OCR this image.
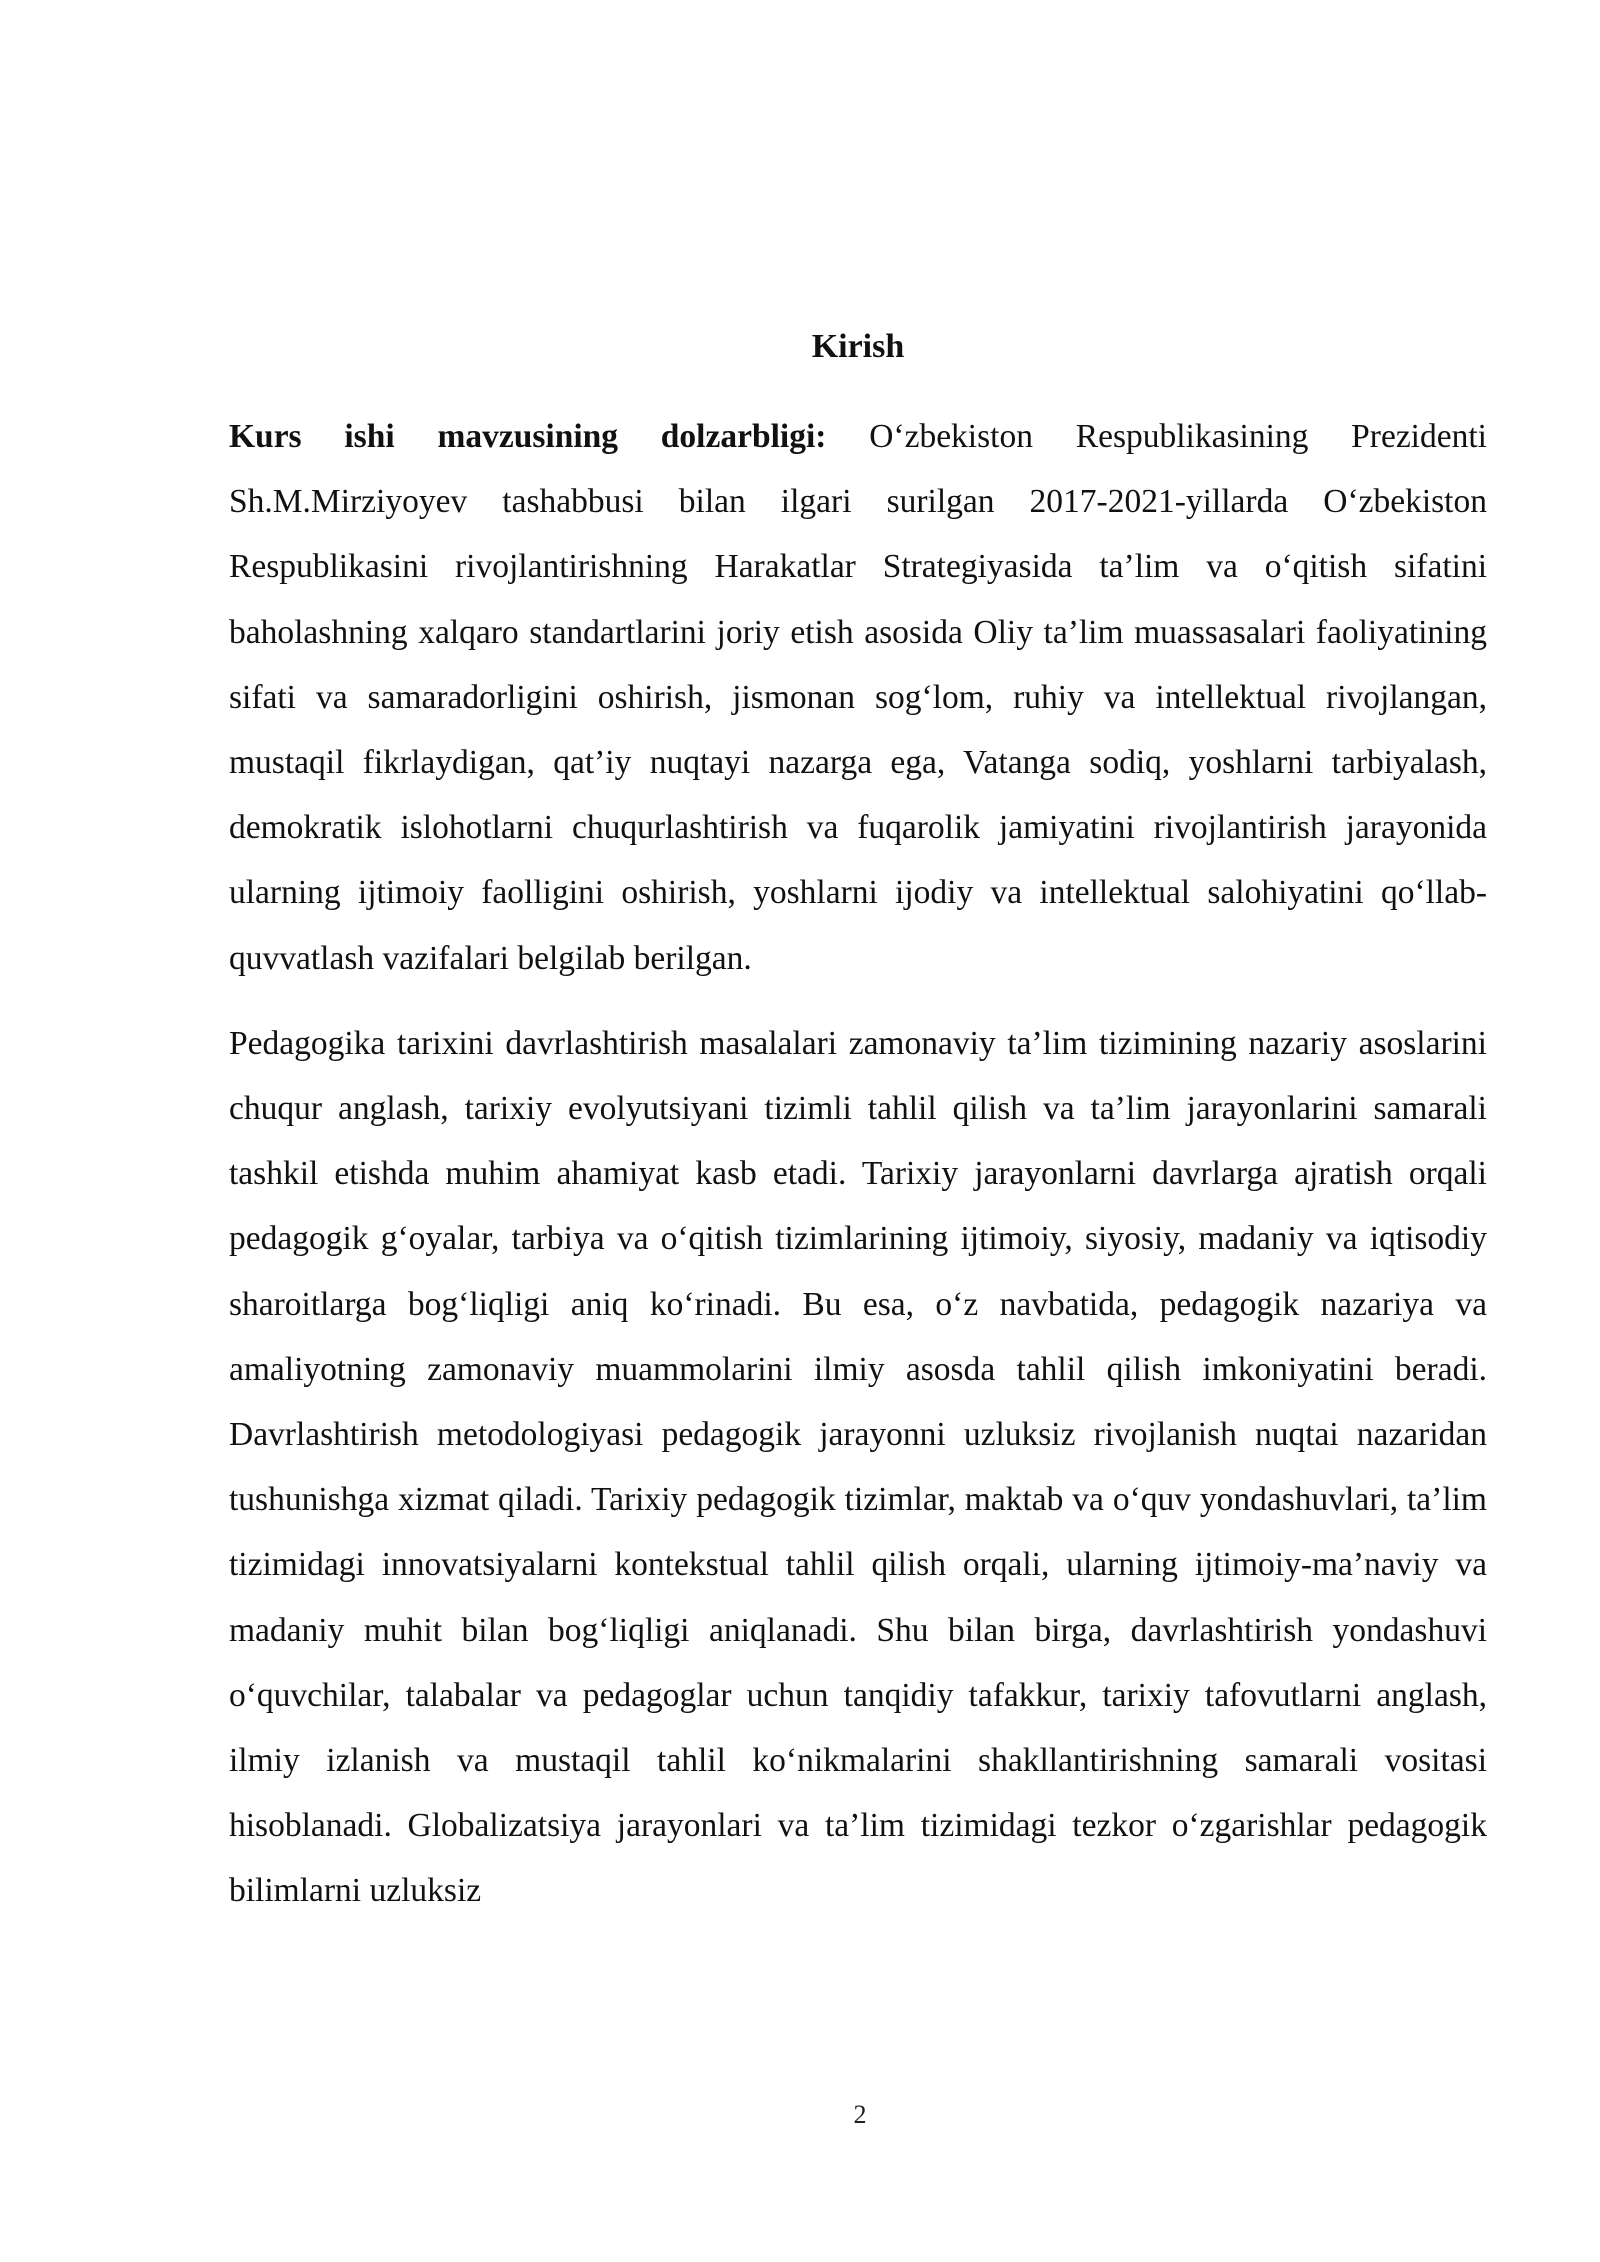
Kirish

Kurs ishi mavzusining dolzarbligi: O‘zbekiston Respublikasining Prezidenti Sh.M.Mirziyoyev tashabbusi bilan ilgari surilgan 2017-2021-yillarda O‘zbekiston Respublikasini rivojlantirishning Harakatlar Strategiyasida ta’lim va o‘qitish sifatini baholashning xalqaro standartlarini joriy etish asosida Oliy ta’lim muassasalari faoliyatining sifati va samaradorligini oshirish, jismonan sog‘lom, ruhiy va intellektual rivojlangan, mustaqil fikrlaydigan, qat’iy nuqtayi nazarga ega, Vatanga sodiq, yoshlarni tarbiyalash, demokratik islohotlarni chuqurlashtirish va fuqarolik jamiyatini rivojlantirish jarayonida ularning ijtimoiy faolligini oshirish, yoshlarni ijodiy va intellektual salohiyatini qo‘llab-quvvatlash vazifalari belgilab berilgan.

Pedagogika tarixini davrlashtirish masalalari zamonaviy ta’lim tizimining nazariy asoslarini chuqur anglash, tarixiy evolyutsiyani tizimli tahlil qilish va ta’lim jarayonlarini samarali tashkil etishda muhim ahamiyat kasb etadi. Tarixiy jarayonlarni davrlarga ajratish orqali pedagogik g‘oyalar, tarbiya va o‘qitish tizimlarining ijtimoiy, siyosiy, madaniy va iqtisodiy sharoitlarga bog‘liqligi aniq ko‘rinadi. Bu esa, o‘z navbatida, pedagogik nazariya va amaliyotning zamonaviy muammolarini ilmiy asosda tahlil qilish imkoniyatini beradi. Davrlashtirish metodologiyasi pedagogik jarayonni uzluksiz rivojlanish nuqtai nazaridan tushunishga xizmat qiladi. Tarixiy pedagogik tizimlar, maktab va o‘quv yondashuvlari, ta’lim tizimidagi innovatsiyalarni kontekstual tahlil qilish orqali, ularning ijtimoiy-ma’naviy va madaniy muhit bilan bog‘liqligi aniqlanadi. Shu bilan birga, davrlashtirish yondashuvi o‘quvchilar, talabalar va pedagoglar uchun tanqidiy tafakkur, tarixiy tafovutlarni anglash, ilmiy izlanish va mustaqil tahlil ko‘nikmalarini shakllantirishning samarali vositasi hisoblanadi. Globalizatsiya jarayonlari va ta’lim tizimidagi tezkor o‘zgarishlar pedagogik bilimlarni uzluksiz

2
